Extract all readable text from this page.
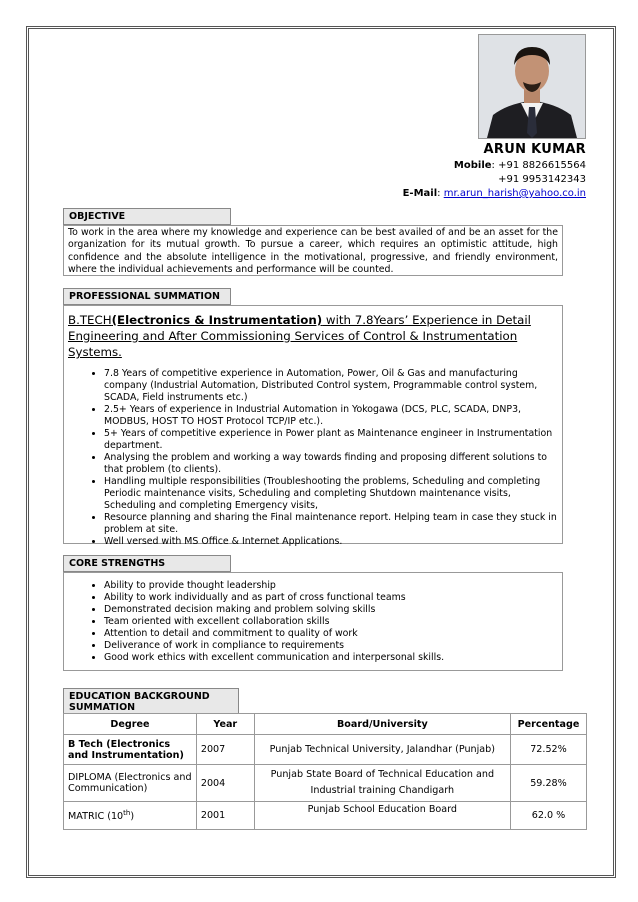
ARUN KUMAR
Mobile: +91 8826615564
+91 9953142343
E-Mail: mr.arun_harish@yahoo.co.in
OBJECTIVE
To work in the area where my knowledge and experience can be best availed of and be an asset for the organization for its mutual growth. To pursue a career, which requires an optimistic attitude, high confidence and the absolute intelligence in the motivational, progressive, and friendly environment, where the individual achievements and performance will be counted.
PROFESSIONAL SUMMATION
B.TECH(Electronics & Instrumentation) with 7.8Years’ Experience in Detail Engineering and After Commissioning Services of Control & Instrumentation Systems.
• 7.8 Years of competitive experience in Automation, Power, Oil & Gas and manufacturing company (Industrial Automation, Distributed Control system, Programmable control system, SCADA, Field instruments etc.)
• 2.5+ Years of experience in Industrial Automation in Yokogawa (DCS, PLC, SCADA, DNP3, MODBUS, HOST TO HOST Protocol TCP/IP etc.).
• 5+ Years of competitive experience in Power plant as Maintenance engineer in Instrumentation department.
• Analysing the problem and working a way towards finding and proposing different solutions to that problem (to clients).
• Handling multiple responsibilities (Troubleshooting the problems, Scheduling and completing Periodic maintenance visits, Scheduling and completing Shutdown maintenance visits, Scheduling and completing Emergency visits,
• Resource planning and sharing the Final maintenance report. Helping team in case they stuck in problem at site.
• Well versed with MS Office & Internet Applications.
CORE STRENGTHS
• Ability to provide thought leadership
• Ability to work individually and as part of cross functional teams
• Demonstrated decision making and problem solving skills
• Team oriented with excellent collaboration skills
• Attention to detail and commitment to quality of work
• Deliverance of work in compliance to requirements
• Good work ethics with excellent communication and interpersonal skills.
EDUCATION BACKGROUND
SUMMATION
Degree	Year	Board/University	Percentage
B Tech (Electronics and Instrumentation)	2007	Punjab Technical University, Jalandhar (Punjab)	72.52%
DIPLOMA (Electronics and Communication)	2004	Punjab State Board of Technical Education and
Industrial training Chandigarh	59.28%
MATRIC (10th)	2001	Punjab School Education Board	62.0 %
